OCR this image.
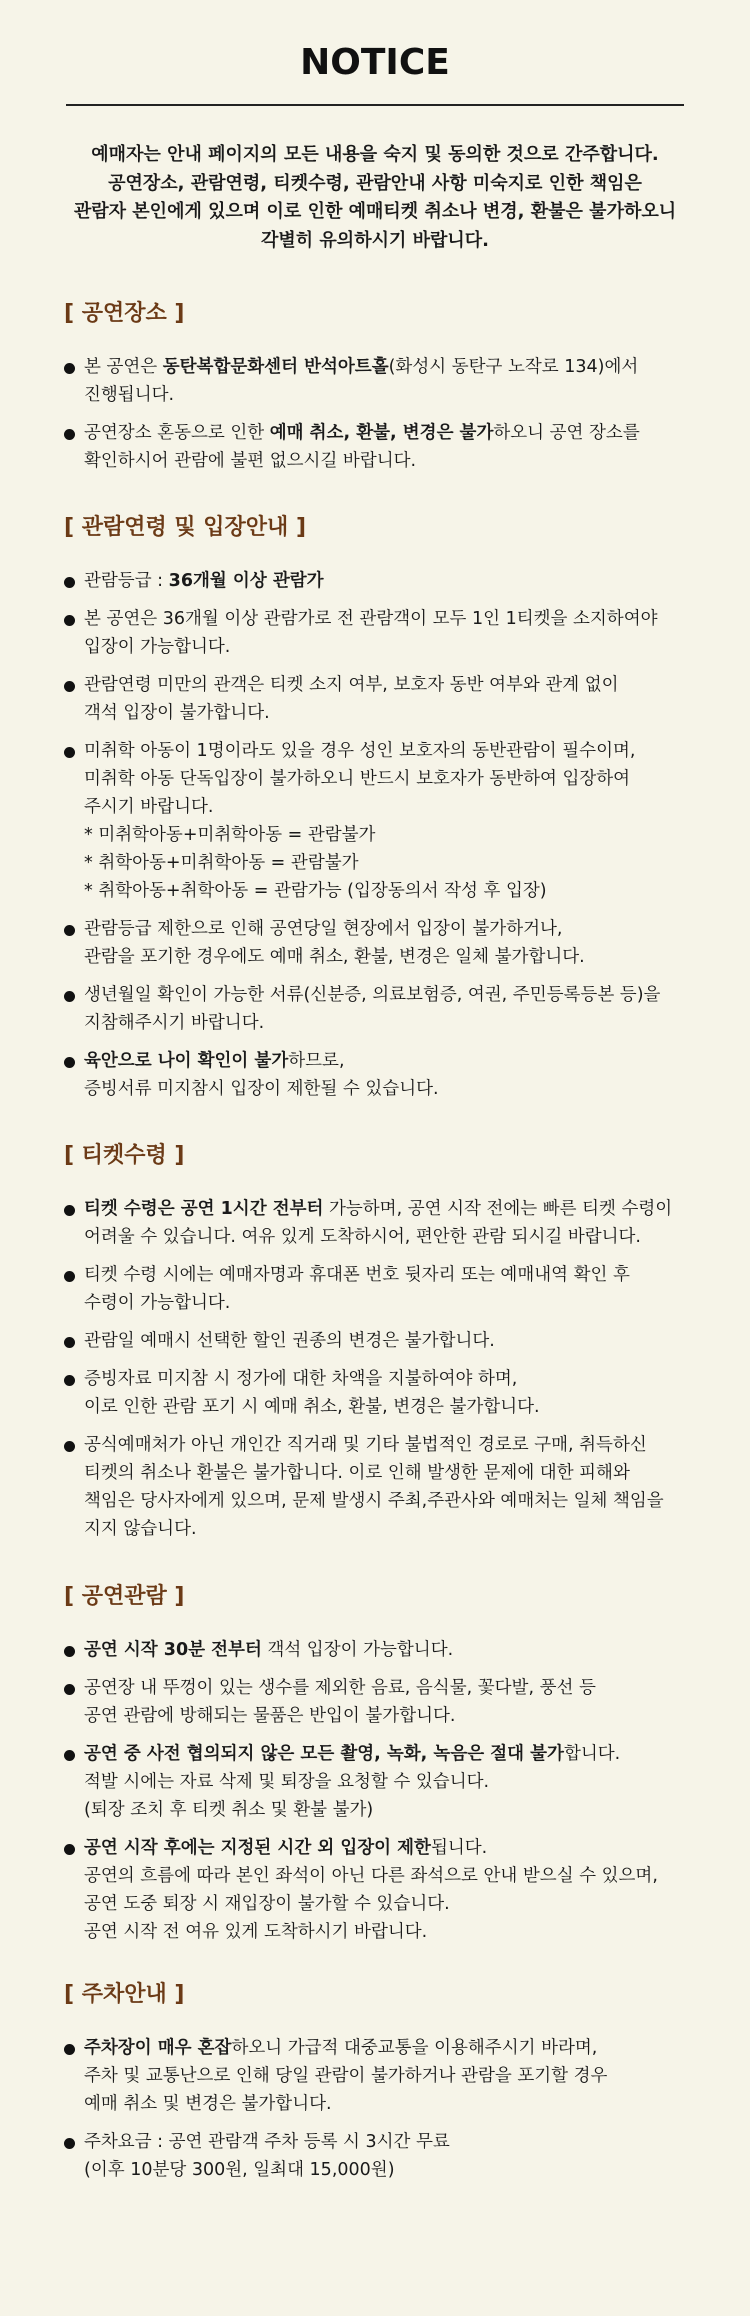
NOTICE
예매자는 안내 페이지의 모든 내용을 숙지 및 동의한 것으로 간주합니다.
공연장소, 관람연령, 티켓수령, 관람안내 사항 미숙지로 인한 책임은
관람자 본인에게 있으며 이로 인한 예매티켓 취소나 변경, 환불은 불가하오니
각별히 유의하시기 바랍니다.
[ 공연장소 ]
본 공연은 동탄복합문화센터 반석아트홀(화성시 동탄구 노작로 134)에서
진행됩니다.
공연장소 혼동으로 인한 예매 취소, 환불, 변경은 불가하오니 공연 장소를
확인하시어 관람에 불편 없으시길 바랍니다.
[ 관람연령 및 입장안내 ]
관람등급 : 36개월 이상 관람가
본 공연은 36개월 이상 관람가로 전 관람객이 모두 1인 1티켓을 소지하여야
입장이 가능합니다.
관람연령 미만의 관객은 티켓 소지 여부, 보호자 동반 여부와 관계 없이
객석 입장이 불가합니다.
미취학 아동이 1명이라도 있을 경우 성인 보호자의 동반관람이 필수이며,
미취학 아동 단독입장이 불가하오니 반드시 보호자가 동반하여 입장하여
주시기 바랍니다.
* 미취학아동+미취학아동 = 관람불가
* 취학아동+미취학아동 = 관람불가
* 취학아동+취학아동 = 관람가능 (입장동의서 작성 후 입장)
관람등급 제한으로 인해 공연당일 현장에서 입장이 불가하거나,
관람을 포기한 경우에도 예매 취소, 환불, 변경은 일체 불가합니다.
생년월일 확인이 가능한 서류(신분증, 의료보험증, 여권, 주민등록등본 등)을
지참해주시기 바랍니다.
육안으로 나이 확인이 불가하므로,
증빙서류 미지참시 입장이 제한될 수 있습니다.
[ 티켓수령 ]
티켓 수령은 공연 1시간 전부터 가능하며, 공연 시작 전에는 빠른 티켓 수령이
어려울 수 있습니다. 여유 있게 도착하시어, 편안한 관람 되시길 바랍니다.
티켓 수령 시에는 예매자명과 휴대폰 번호 뒷자리 또는 예매내역 확인 후
수령이 가능합니다.
관람일 예매시 선택한 할인 권종의 변경은 불가합니다.
증빙자료 미지참 시 정가에 대한 차액을 지불하여야 하며,
이로 인한 관람 포기 시 예매 취소, 환불, 변경은 불가합니다.
공식예매처가 아닌 개인간 직거래 및 기타 불법적인 경로로 구매, 취득하신
티켓의 취소나 환불은 불가합니다. 이로 인해 발생한 문제에 대한 피해와
책임은 당사자에게 있으며, 문제 발생시 주최,주관사와 예매처는 일체 책임을
지지 않습니다.
[ 공연관람 ]
공연 시작 30분 전부터 객석 입장이 가능합니다.
공연장 내 뚜껑이 있는 생수를 제외한 음료, 음식물, 꽃다발, 풍선 등
공연 관람에 방해되는 물품은 반입이 불가합니다.
공연 중 사전 협의되지 않은 모든 촬영, 녹화, 녹음은 절대 불가합니다.
적발 시에는 자료 삭제 및 퇴장을 요청할 수 있습니다.
(퇴장 조치 후 티켓 취소 및 환불 불가)
공연 시작 후에는 지정된 시간 외 입장이 제한됩니다.
공연의 흐름에 따라 본인 좌석이 아닌 다른 좌석으로 안내 받으실 수 있으며,
공연 도중 퇴장 시 재입장이 불가할 수 있습니다.
공연 시작 전 여유 있게 도착하시기 바랍니다.
[ 주차안내 ]
주차장이 매우 혼잡하오니 가급적 대중교통을 이용해주시기 바라며,
주차 및 교통난으로 인해 당일 관람이 불가하거나 관람을 포기할 경우
예매 취소 및 변경은 불가합니다.
주차요금 : 공연 관람객 주차 등록 시 3시간 무료
(이후 10분당 300원, 일최대 15,000원)
